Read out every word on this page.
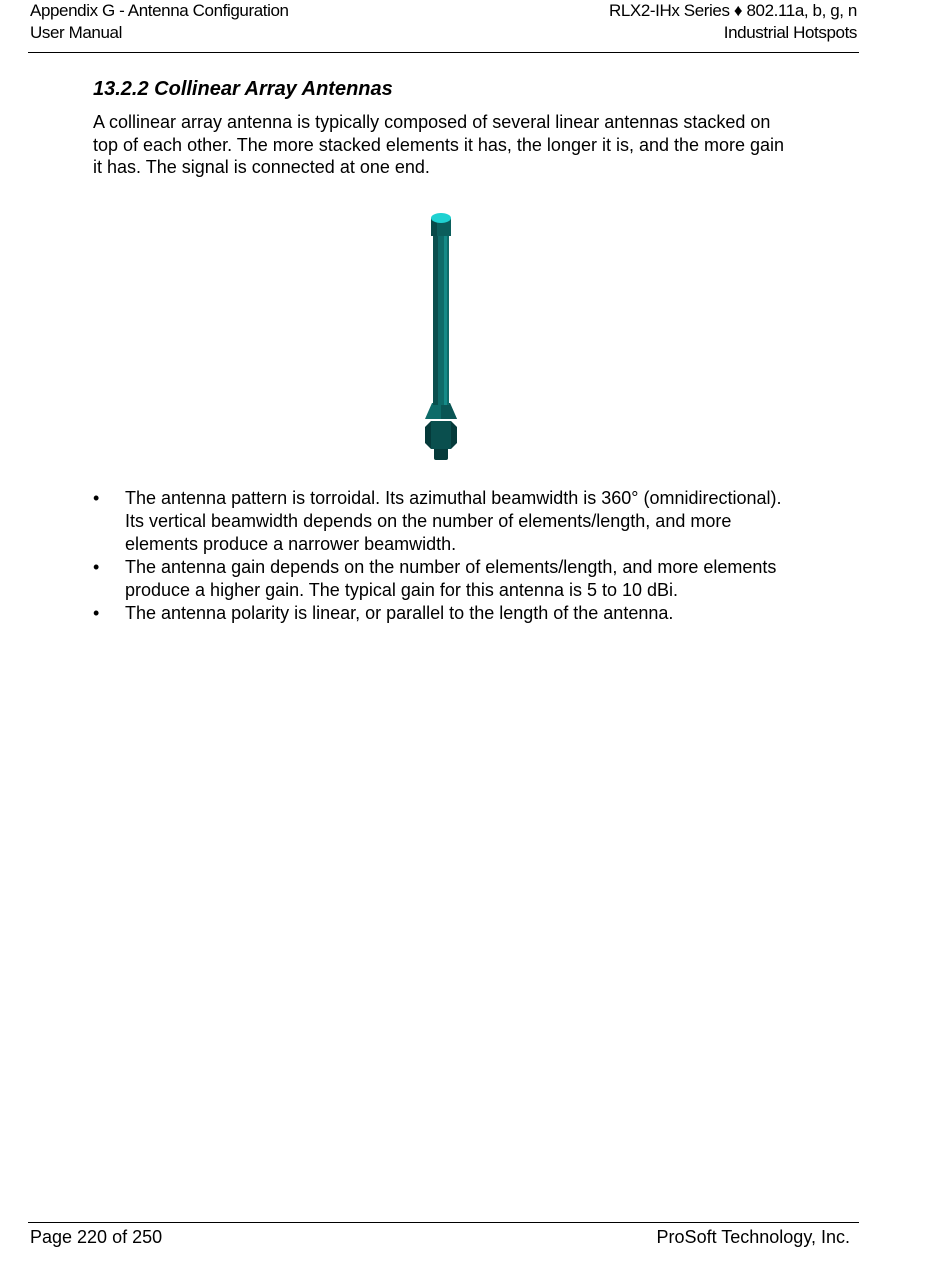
Appendix G - Antenna Configuration
User Manual
RLX2-IHx Series ♦ 802.11a, b, g, n
Industrial Hotspots
13.2.2 Collinear Array Antennas

A collinear array antenna is typically composed of several linear antennas stacked on top of each other. The more stacked elements it has, the longer it is, and the more gain it has. The signal is connected at one end.

• The antenna pattern is torroidal. Its azimuthal beamwidth is 360° (omnidirectional). Its vertical beamwidth depends on the number of elements/length, and more elements produce a narrower beamwidth.
• The antenna gain depends on the number of elements/length, and more elements produce a higher gain. The typical gain for this antenna is 5 to 10 dBi.
• The antenna polarity is linear, or parallel to the length of the antenna.
Page 220 of 250	ProSoft Technology, Inc.
